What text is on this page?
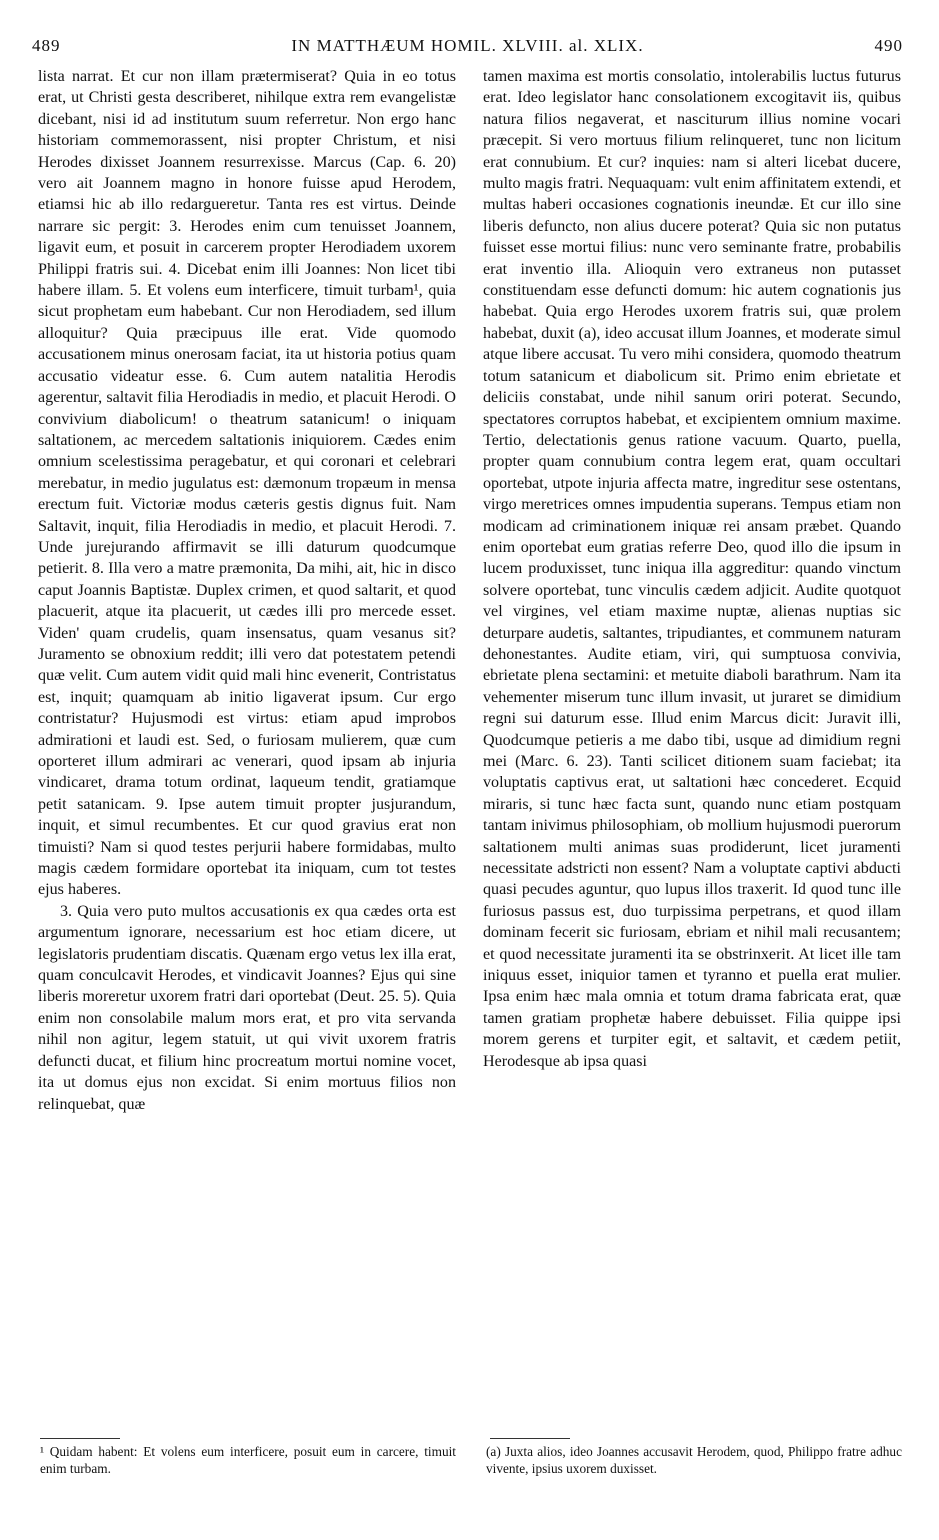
489	IN MATTHÆUM HOMIL. XLVIII. al. XLIX.	490

lista narrat. Et cur non illam prætermiserat? Quia in eo totus erat, ut Christi gesta describeret, nihilque extra rem evangelistæ dicebant, nisi id ad institutum suum referretur. Non ergo hanc historiam commemorassent, nisi propter Christum, et nisi Herodes dixisset Joannem resurrexisse. Marcus (Cap. 6. 20) vero ait Joannem magno in honore fuisse apud Herodem, etiamsi hic ab illo redargueretur. Tanta res est virtus. Deinde narrare sic pergit: 3. Herodes enim cum tenuisset Joannem, ligavit eum, et posuit in carcerem propter Herodiadem uxorem Philippi fratris sui. 4. Dicebat enim illi Joannes: Non licet tibi habere illam. 5. Et volens eum interficere, timuit turbam¹, quia sicut prophetam eum habebant. Cur non Herodiadem, sed illum alloquitur? Quia præcipuus ille erat. Vide quomodo accusationem minus onerosam faciat, ita ut historia potius quam accusatio videatur esse. 6. Cum autem natalitia Herodis agerentur, saltavit filia Herodiadis in medio, et placuit Herodi. O convivium diabolicum! o theatrum satanicum! o iniquam saltationem, ac mercedem saltationis iniquiorem. Cædes enim omnium scelestissima peragebatur, et qui coronari et celebrari merebatur, in medio jugulatus est: dæmonum tropæum in mensa erectum fuit. Victoriæ modus cæteris gestis dignus fuit. Nam Saltavit, inquit, filia Herodiadis in medio, et placuit Herodi. 7. Unde jurejurando affirmavit se illi daturum quodcumque petierit. 8. Illa vero a matre præmonita, Da mihi, ait, hic in disco caput Joannis Baptistæ. Duplex crimen, et quod saltarit, et quod placuerit, atque ita placuerit, ut cædes illi pro mercede esset. Viden' quam crudelis, quam insensatus, quam vesanus sit? Juramento se obnoxium reddit; illi vero dat potestatem petendi quæ velit. Cum autem vidit quid mali hinc evenerit, Contristatus est, inquit; quamquam ab initio ligaverat ipsum. Cur ergo contristatur? Hujusmodi est virtus: etiam apud improbos admirationi et laudi est. Sed, o furiosam mulierem, quæ cum oporteret illum admirari ac venerari, quod ipsam ab injuria vindicaret, drama totum ordinat, laqueum tendit, gratiamque petit satanicam. 9. Ipse autem timuit propter jusjurandum, inquit, et simul recumbentes. Et cur quod gravius erat non timuisti? Nam si quod testes perjurii habere formidabas, multo magis cædem formidare oportebat ita iniquam, cum tot testes ejus haberes.

3. Quia vero puto multos accusationis ex qua cædes orta est argumentum ignorare, necessarium est hoc etiam dicere, ut legislatoris prudentiam discatis. Quænam ergo vetus lex illa erat, quam conculcavit Herodes, et vindicavit Joannes? Ejus qui sine liberis moreretur uxorem fratri dari oportebat (Deut. 25. 5). Quia enim non consolabile malum mors erat, et pro vita servanda nihil non agitur, legem statuit, ut qui vivit uxorem fratris defuncti ducat, et filium hinc procreatum mortui nomine vocet, ita ut domus ejus non excidat. Si enim mortuus filios non relinquebat, quæ

tamen maxima est mortis consolatio, intolerabilis luctus futurus erat. Ideo legislator hanc consolationem excogitavit iis, quibus natura filios negaverat, et nasciturum illius nomine vocari præcepit. Si vero mortuus filium relinqueret, tunc non licitum erat connubium. Et cur? inquies: nam si alteri licebat ducere, multo magis fratri. Nequaquam: vult enim affinitatem extendi, et multas haberi occasiones cognationis ineundæ. Et cur illo sine liberis defuncto, non alius ducere poterat? Quia sic non putatus fuisset esse mortui filius: nunc vero seminante fratre, probabilis erat inventio illa. Alioquin vero extraneus non putasset constituendam esse defuncti domum: hic autem cognationis jus habebat. Quia ergo Herodes uxorem fratris sui, quæ prolem habebat, duxit (a), ideo accusat illum Joannes, et moderate simul atque libere accusat. Tu vero mihi considera, quomodo theatrum totum satanicum et diabolicum sit. Primo enim ebrietate et deliciis constabat, unde nihil sanum oriri poterat. Secundo, spectatores corruptos habebat, et excipientem omnium maxime. Tertio, delectationis genus ratione vacuum. Quarto, puella, propter quam connubium contra legem erat, quam occultari oportebat, utpote injuria affecta matre, ingreditur sese ostentans, virgo meretrices omnes impudentia superans. Tempus etiam non modicam ad criminationem iniquæ rei ansam præbet. Quando enim oportebat eum gratias referre Deo, quod illo die ipsum in lucem produxisset, tunc iniqua illa aggreditur: quando vinctum solvere oportebat, tunc vinculis cædem adjicit. Audite quotquot vel virgines, vel etiam maxime nuptæ, alienas nuptias sic deturpare audetis, saltantes, tripudiantes, et communem naturam dehonestantes. Audite etiam, viri, qui sumptuosa convivia, ebrietate plena sectamini: et metuite diaboli barathrum. Nam ita vehementer miserum tunc illum invasit, ut juraret se dimidium regni sui daturum esse. Illud enim Marcus dicit: Juravit illi, Quodcumque petieris a me dabo tibi, usque ad dimidium regni mei (Marc. 6. 23). Tanti scilicet ditionem suam faciebat; ita voluptatis captivus erat, ut saltationi hæc concederet. Ecquid miraris, si tunc hæc facta sunt, quando nunc etiam postquam tantam inivimus philosophiam, ob mollium hujusmodi puerorum saltationem multi animas suas prodiderunt, licet juramenti necessitate adstricti non essent? Nam a voluptate captivi abducti quasi pecudes aguntur, quo lupus illos traxerit. Id quod tunc ille furiosus passus est, duo turpissima perpetrans, et quod illam dominam fecerit sic furiosam, ebriam et nihil mali recusantem; et quod necessitate juramenti ita se obstrinxerit. At licet ille tam iniquus esset, iniquior tamen et tyranno et puella erat mulier. Ipsa enim hæc mala omnia et totum drama fabricata erat, quæ tamen gratiam prophetæ habere debuisset. Filia quippe ipsi morem gerens et turpiter egit, et saltavit, et cædem petiit, Herodesque ab ipsa quasi

¹ Quidam habent: Et volens eum interficere, posuit eum in carcere, timuit enim turbam.
(a) Juxta alios, ideo Joannes accusavit Herodem, quod, Philippo fratre adhuc vivente, ipsius uxorem duxisset.
